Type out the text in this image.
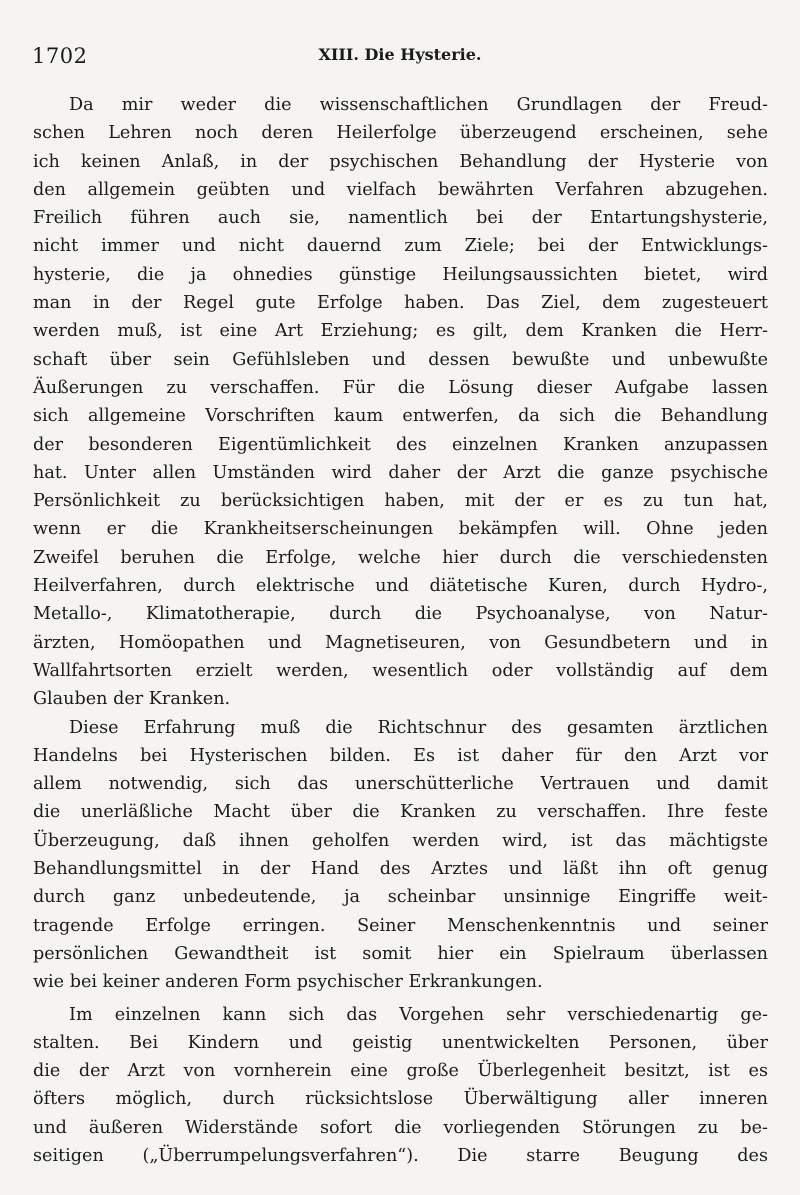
1702	XIII. Die Hysterie.
Da mir weder die wissenschaftlichen Grundlagen der Freud-
schen Lehren noch deren Heilerfolge überzeugend erscheinen, sehe
ich keinen Anlaß, in der psychischen Behandlung der Hysterie von
den allgemein geübten und vielfach bewährten Verfahren abzugehen.
Freilich führen auch sie, namentlich bei der Entartungshysterie,
nicht immer und nicht dauernd zum Ziele; bei der Entwicklungs-
hysterie, die ja ohnedies günstige Heilungsaussichten bietet, wird
man in der Regel gute Erfolge haben. Das Ziel, dem zugesteuert
werden muß, ist eine Art Erziehung; es gilt, dem Kranken die Herr-
schaft über sein Gefühlsleben und dessen bewußte und unbewußte
Äußerungen zu verschaffen. Für die Lösung dieser Aufgabe lassen
sich allgemeine Vorschriften kaum entwerfen, da sich die Behandlung
der besonderen Eigentümlichkeit des einzelnen Kranken anzupassen
hat. Unter allen Umständen wird daher der Arzt die ganze psychische
Persönlichkeit zu berücksichtigen haben, mit der er es zu tun hat,
wenn er die Krankheitserscheinungen bekämpfen will. Ohne jeden
Zweifel beruhen die Erfolge, welche hier durch die verschiedensten
Heilverfahren, durch elektrische und diätetische Kuren, durch Hydro-,
Metallo-, Klimatotherapie, durch die Psychoanalyse, von Natur-
ärzten, Homöopathen und Magnetiseuren, von Gesundbetern und in
Wallfahrtsorten erzielt werden, wesentlich oder vollständig auf dem
Glauben der Kranken.
Diese Erfahrung muß die Richtschnur des gesamten ärztlichen
Handelns bei Hysterischen bilden. Es ist daher für den Arzt vor
allem notwendig, sich das unerschütterliche Vertrauen und damit
die unerläßliche Macht über die Kranken zu verschaffen. Ihre feste
Überzeugung, daß ihnen geholfen werden wird, ist das mächtigste
Behandlungsmittel in der Hand des Arztes und läßt ihn oft genug
durch ganz unbedeutende, ja scheinbar unsinnige Eingriffe weit-
tragende Erfolge erringen. Seiner Menschenkenntnis und seiner
persönlichen Gewandtheit ist somit hier ein Spielraum überlassen
wie bei keiner anderen Form psychischer Erkrankungen.
Im einzelnen kann sich das Vorgehen sehr verschiedenartig ge-
stalten. Bei Kindern und geistig unentwickelten Personen, über
die der Arzt von vornherein eine große Überlegenheit besitzt, ist es
öfters möglich, durch rücksichtslose Überwältigung aller inneren
und äußeren Widerstände sofort die vorliegenden Störungen zu be-
seitigen („Überrumpelungsverfahren“). Die starre Beugung des
